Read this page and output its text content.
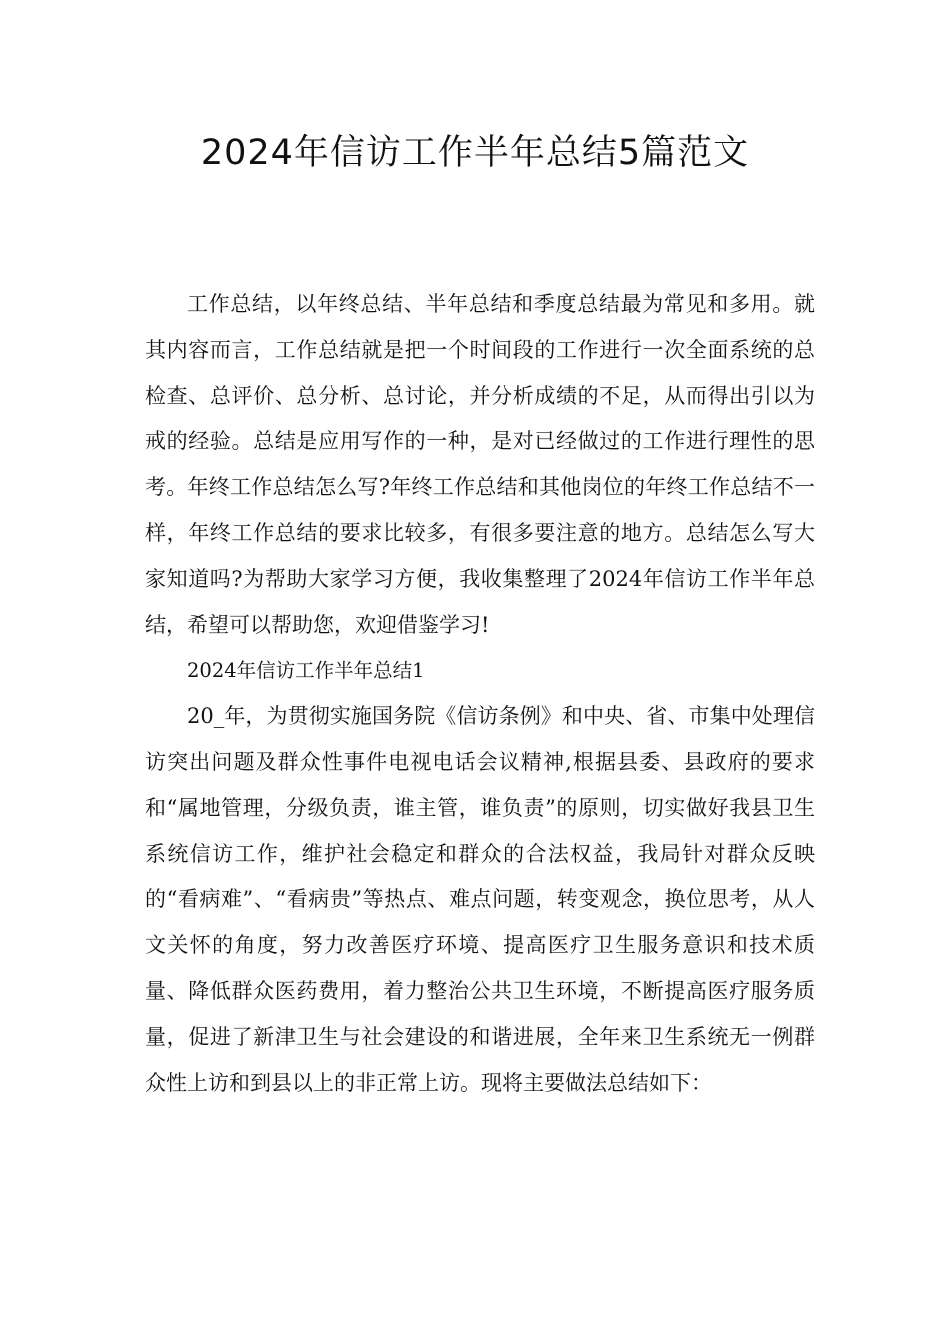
2024年信访工作半年总结5篇范文

工作总结，以年终总结、半年总结和季度总结最为常见和多用。就其内容而言，工作总结就是把一个时间段的工作进行一次全面系统的总检查、总评价、总分析、总讨论，并分析成绩的不足，从而得出引以为戒的经验。总结是应用写作的一种，是对已经做过的工作进行理性的思考。年终工作总结怎么写?年终工作总结和其他岗位的年终工作总结不一样，年终工作总结的要求比较多，有很多要注意的地方。总结怎么写大家知道吗?为帮助大家学习方便，我收集整理了2024年信访工作半年总结，希望可以帮助您，欢迎借鉴学习!

2024年信访工作半年总结1

20_年，为贯彻实施国务院《信访条例》和中央、省、市集中处理信访突出问题及群众性事件电视电话会议精神,根据县委、县政府的要求和“属地管理，分级负责，谁主管，谁负责”的原则，切实做好我县卫生系统信访工作，维护社会稳定和群众的合法权益，我局针对群众反映的“看病难”、“看病贵”等热点、难点问题，转变观念，换位思考，从人文关怀的角度，努力改善医疗环境、提高医疗卫生服务意识和技术质量、降低群众医药费用，着力整治公共卫生环境，不断提高医疗服务质量，促进了新津卫生与社会建设的和谐进展，全年来卫生系统无一例群众性上访和到县以上的非正常上访。现将主要做法总结如下：
